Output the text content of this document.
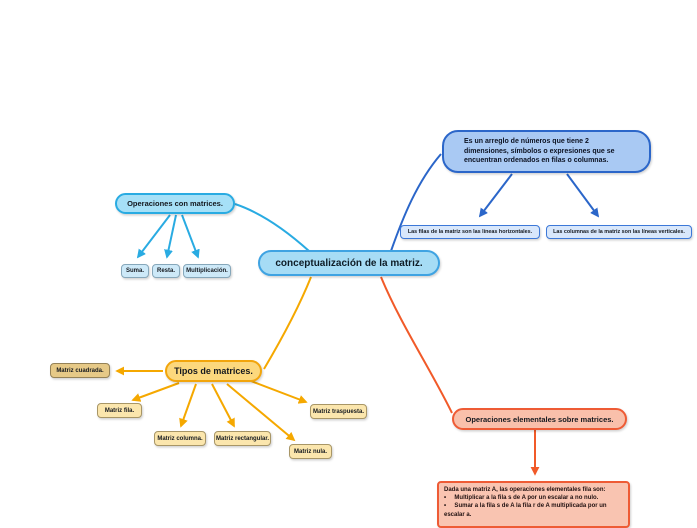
conceptualización de la matriz.
Es un arreglo de números que tiene 2 dimensiones, símbolos o expresiones que se encuentran ordenados en filas o columnas.
Las filas de la matriz son las líneas horizontales.	Las columnas de la matriz son las líneas verticales.
Operaciones con matrices.
Suma. Resta. Multiplicación.
Tipos de matrices.
Matriz cuadrada.
Matriz fila.
Matriz columna. Matriz rectangular.
Matriz nula.
Matriz traspuesta.
Operaciones elementales sobre matrices.
Dada una matriz A, las operaciones elementales fila son:
•     Multiplicar a la fila s de A por un escalar a no nulo.
•     Sumar a la fila s de A la fila r de A multiplicada por un
escalar a.
